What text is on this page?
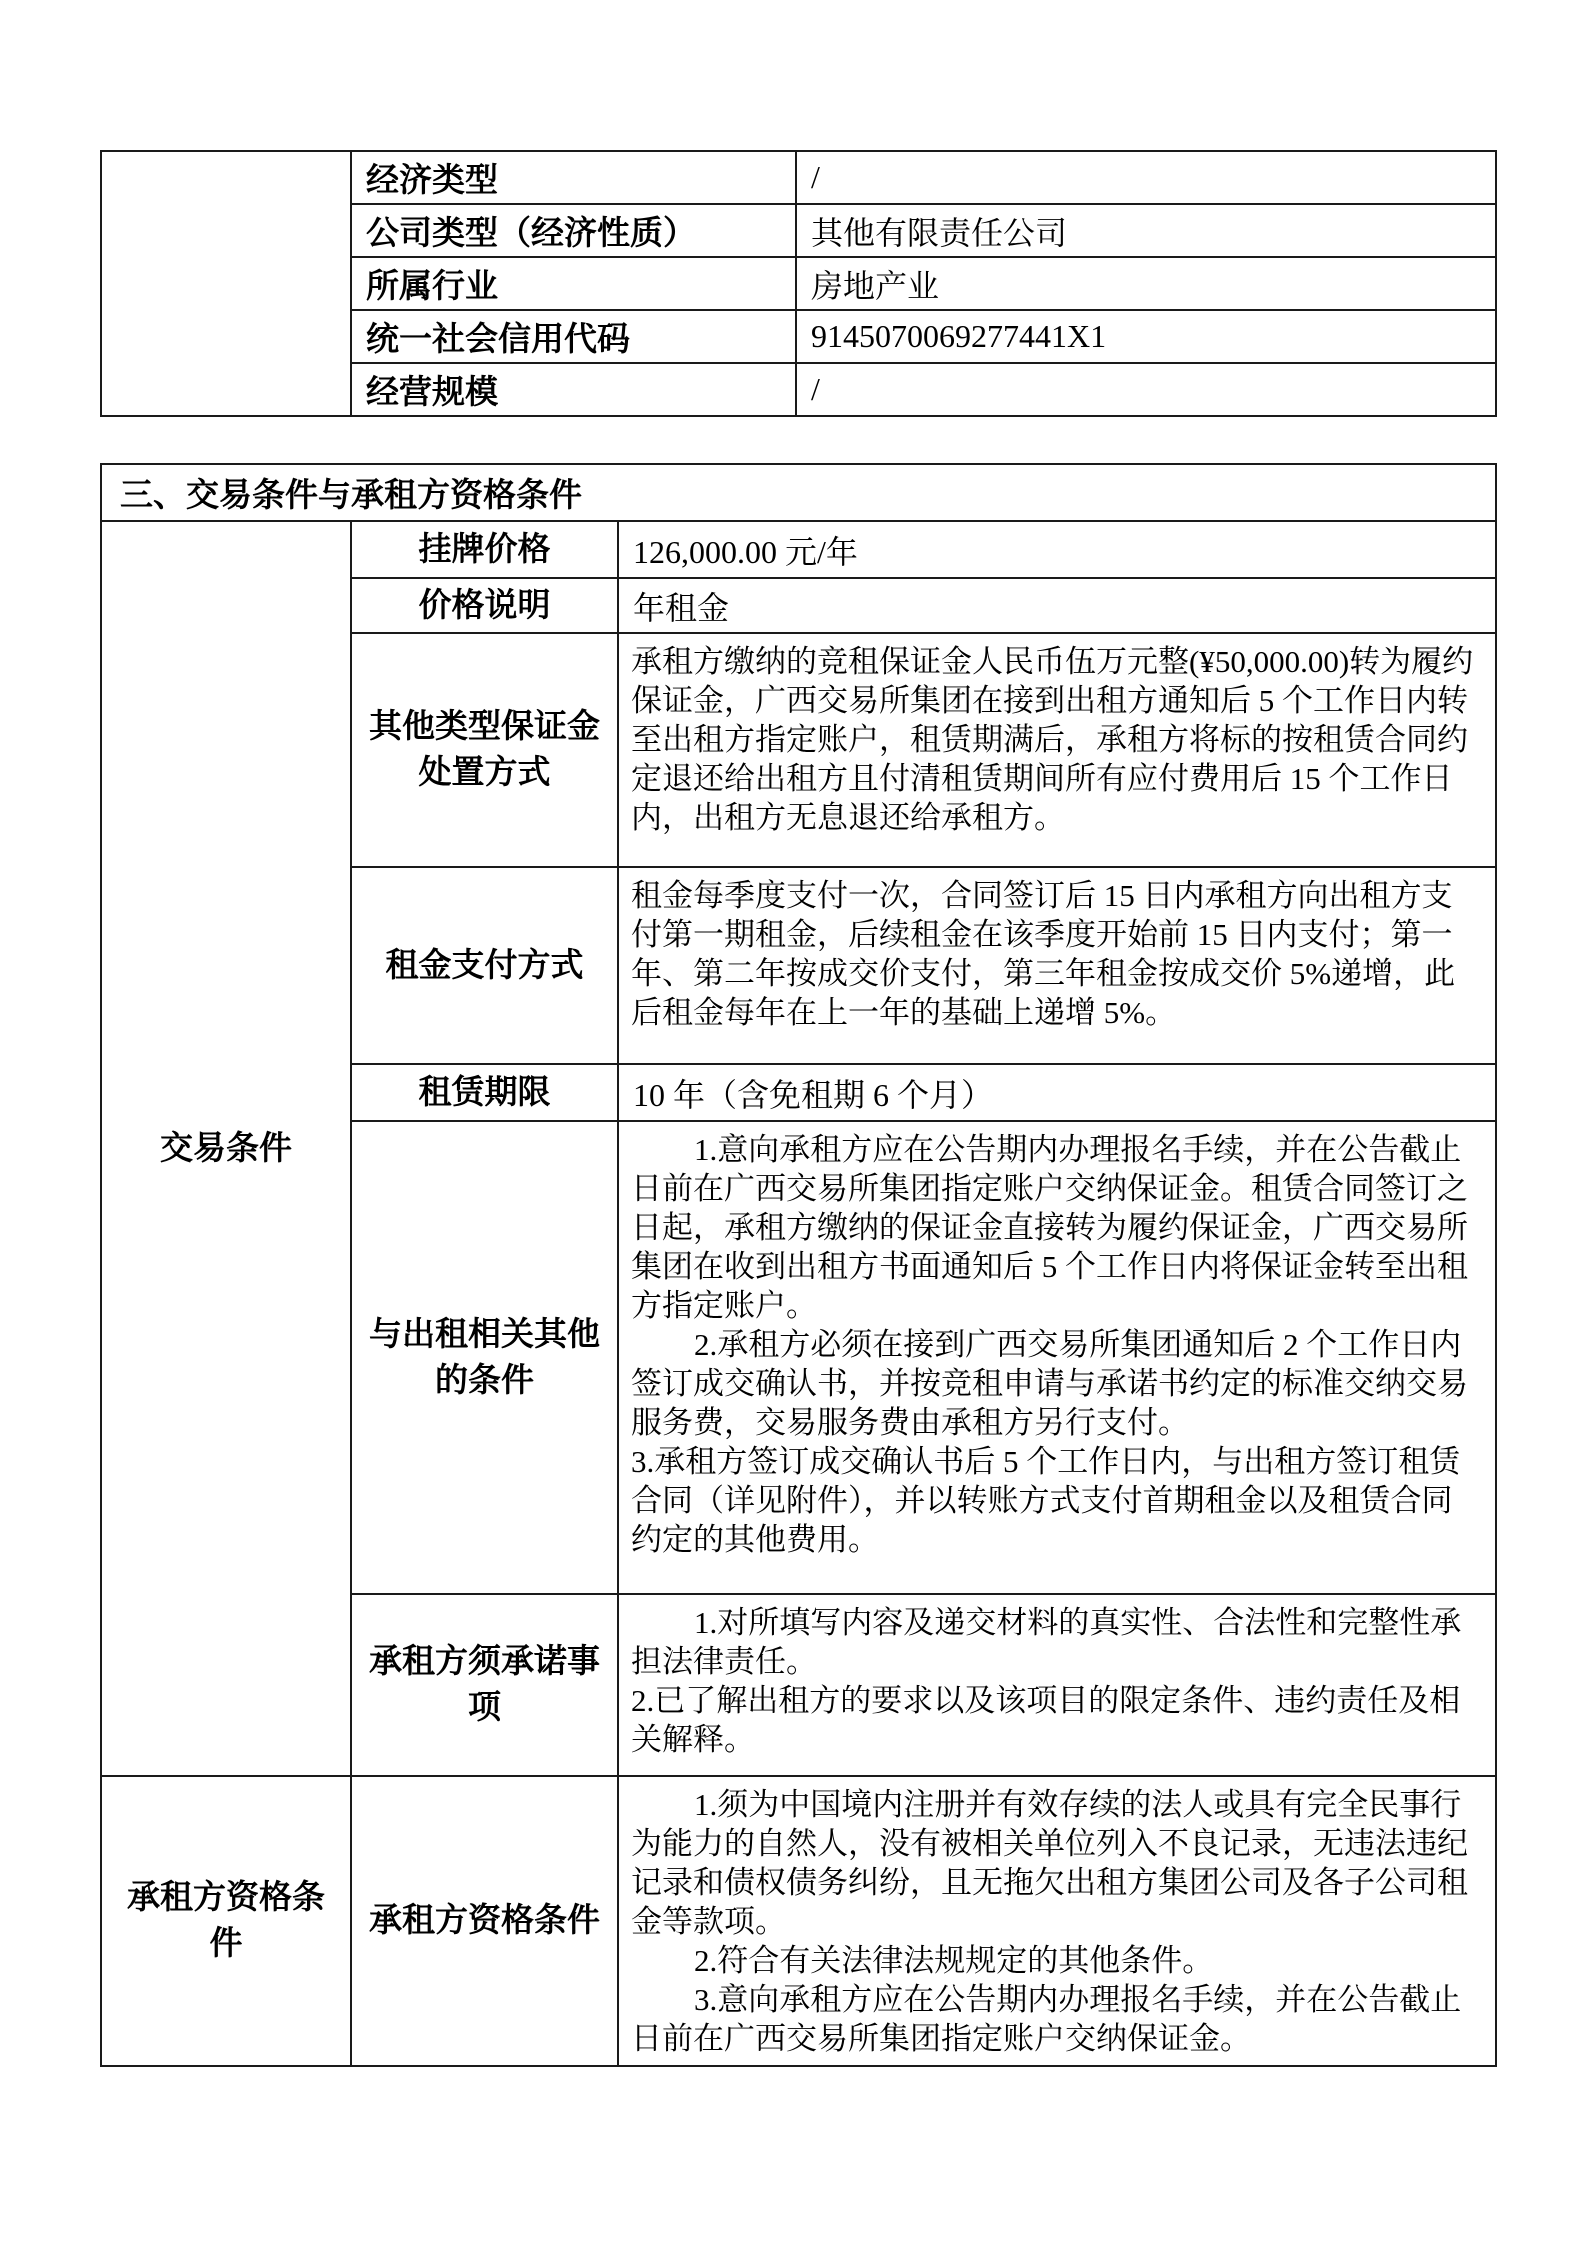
	经济类型	/
	公司类型（经济性质）	其他有限责任公司
	所属行业	房地产业
	统一社会信用代码	9145070069277441X1
	经营规模	/
三、交易条件与承租方资格条件		
交易条件	挂牌价格	126,000.00 元/年
	价格说明	年租金
	其他类型保证金处置方式	承租方缴纳的竞租保证金人民币伍万元整(¥50,000.00)转为履约保证金，广西交易所集团在接到出租方通知后 5 个工作日内转至出租方指定账户，租赁期满后，承租方将标的按租赁合同约定退还给出租方且付清租赁期间所有应付费用后 15 个工作日内，出租方无息退还给承租方。

	租金支付方式	租金每季度支付一次，合同签订后 15 日内承租方向出租方支付第一期租金，后续租金在该季度开始前 15 日内支付；第一年、第二年按成交价支付，第三年租金按成交价 5%递增，此后租金每年在上一年的基础上递增 5%。

	租赁期限	10 年（含免租期 6 个月）
	与出租相关其他的条件	1.意向承租方应在公告期内办理报名手续，并在公告截止日前在广西交易所集团指定账户交纳保证金。租赁合同签订之日起，承租方缴纳的保证金直接转为履约保证金，广西交易所集团在收到出租方书面通知后 5 个工作日内将保证金转至出租方指定账户。

2.承租方必须在接到广西交易所集团通知后 2 个工作日内签订成交确认书，并按竞租申请与承诺书约定的标准交纳交易服务费，交易服务费由承租方另行支付。

3.承租方签订成交确认书后 5 个工作日内，与出租方签订租赁合同（详见附件），并以转账方式支付首期租金以及租赁合同约定的其他费用。

	承租方须承诺事项	1.对所填写内容及递交材料的真实性、合法性和完整性承担法律责任。

2.已了解出租方的要求以及该项目的限定条件、违约责任及相关解释。

承租方资格条件	承租方资格条件	1.须为中国境内注册并有效存续的法人或具有完全民事行为能力的自然人，没有被相关单位列入不良记录，无违法违纪记录和债权债务纠纷，且无拖欠出租方集团公司及各子公司租金等款项。

2.符合有关法律法规规定的其他条件。

3.意向承租方应在公告期内办理报名手续，并在公告截止日前在广西交易所集团指定账户交纳保证金。
